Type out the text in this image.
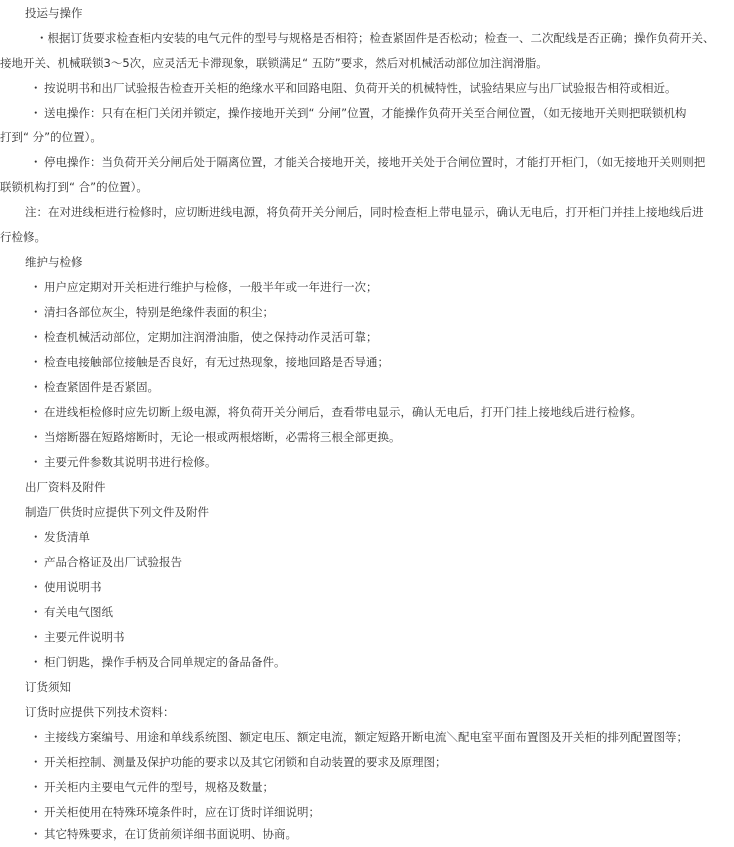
投运与操作
・根据订货要求检查柜内安装的电气元件的型号与规格是否相符；检查紧固件是否松动；检查一、二次配线是否正确；操作负荷开关、
接地开关、机械联锁3～5次，应灵活无卡滞现象，联锁满足“ 五防”要求，然后对机械活动部位加注润滑脂。
・ 按说明书和出厂试验报告检查开关柜的绝缘水平和回路电阻、负荷开关的机械特性，试验结果应与出厂试验报告相符或相近。
・ 送电操作：只有在柜门关闭并锁定，操作接地开关到“ 分闸”位置，才能操作负荷开关至合闸位置，（如无接地开关则把联锁机构
打到“ 分”的位置）。
・ 停电操作：当负荷开关分闸后处于隔离位置，才能关合接地开关，接地开关处于合闸位置时，才能打开柜门，（如无接地开关则则把
联锁机构打到“ 合”的位置）。
注：在对进线柜进行检修时，应切断进线电源，将负荷开关分闸后，同时检查柜上带电显示，确认无电后，打开柜门并挂上接地线后进
行检修。
维护与检修
・ 用户应定期对开关柜进行维护与检修，一般半年或一年进行一次；
・ 清扫各部位灰尘，特别是绝缘件表面的积尘；
・ 检查机械活动部位，定期加注润滑油脂，使之保持动作灵活可靠；
・ 检查电接触部位接触是否良好，有无过热现象，接地回路是否导通；
・ 检查紧固件是否紧固。
・ 在进线柜检修时应先切断上级电源，将负荷开关分闸后，查看带电显示，确认无电后，打开门挂上接地线后进行检修。
・ 当熔断器在短路熔断时，无论一根或两根熔断，必需将三根全部更换。
・ 主要元件参数其说明书进行检修。
出厂资料及附件
制造厂供货时应提供下列文件及附件
・ 发货清单
・ 产品合格证及出厂试验报告
・ 使用说明书
・ 有关电气图纸
・ 主要元件说明书
・ 柜门钥匙，操作手柄及合同单规定的备品备件。
订货须知
订货时应提供下列技术资料：
・ 主接线方案编号、用途和单线系统图、额定电压、额定电流，额定短路开断电流＼配电室平面布置图及开关柜的排列配置图等；
・ 开关柜控制、测量及保护功能的要求以及其它闭锁和自动装置的要求及原理图；
・ 开关柜内主要电气元件的型号，规格及数量；
・ 开关柜使用在特殊环境条件时，应在订货时详细说明；
・ 其它特殊要求，在订货前须详细书面说明、协商。
